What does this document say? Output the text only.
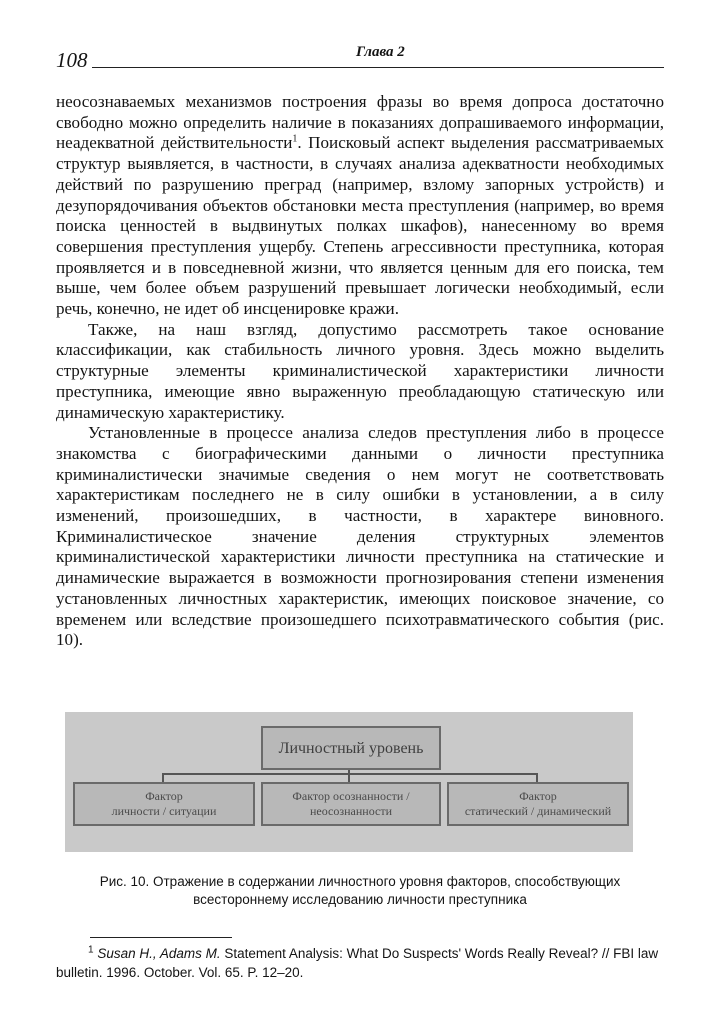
108	Глава 2

неосознаваемых механизмов построения фразы во время допроса достаточно свободно можно определить наличие в показаниях допрашиваемого информации, неадекватной действительности$^1$. Поисковый аспект выделения рассматриваемых структур выявляется, в частности, в случаях анализа адекватности необходимых действий по разрушению преград (например, взлому запорных устройств) и дезупорядочивания объектов обстановки места преступления (например, во время поиска ценностей в выдвинутых полках шкафов), нанесенному во время совершения преступления ущербу. Степень агрессивности преступника, которая проявляется и в повседневной жизни, что является ценным для его поиска, тем выше, чем более объем разрушений превышает логически необходимый, если речь, конечно, не идет об инсценировке кражи.

Также, на наш взгляд, допустимо рассмотреть такое основание классификации, как стабильность личного уровня. Здесь можно выделить структурные элементы криминалистической характеристики личности преступника, имеющие явно выраженную преобладающую статическую или динамическую характеристику.

Установленные в процессе анализа следов преступления либо в процессе знакомства с биографическими данными о личности преступника криминалистически значимые сведения о нем могут не соответствовать характеристикам последнего не в силу ошибки в установлении, а в силу изменений, произошедших, в частности, в характере виновного. Криминалистическое значение деления структурных элементов криминалистической характеристики личности преступника на статические и динамические выражается в возможности прогнозирования степени изменения установленных личностных характеристик, имеющих поисковое значение, со временем или вследствие произошедшего психотравматического события (рис. 10).

Личностный уровень
Фактор
личности / ситуации
Фактор осознанности /
неосознанности
Фактор
статический / динамический
Рис. 10. Отражение в содержании личностного уровня факторов, способствующих
всестороннему исследованию личности преступника
$^1$ Susan H., Adams M. Statement Analysis: What Do Suspects' Words Really Reveal? // FBI law bulletin. 1996. October. Vol. 65. P. 12–20.
